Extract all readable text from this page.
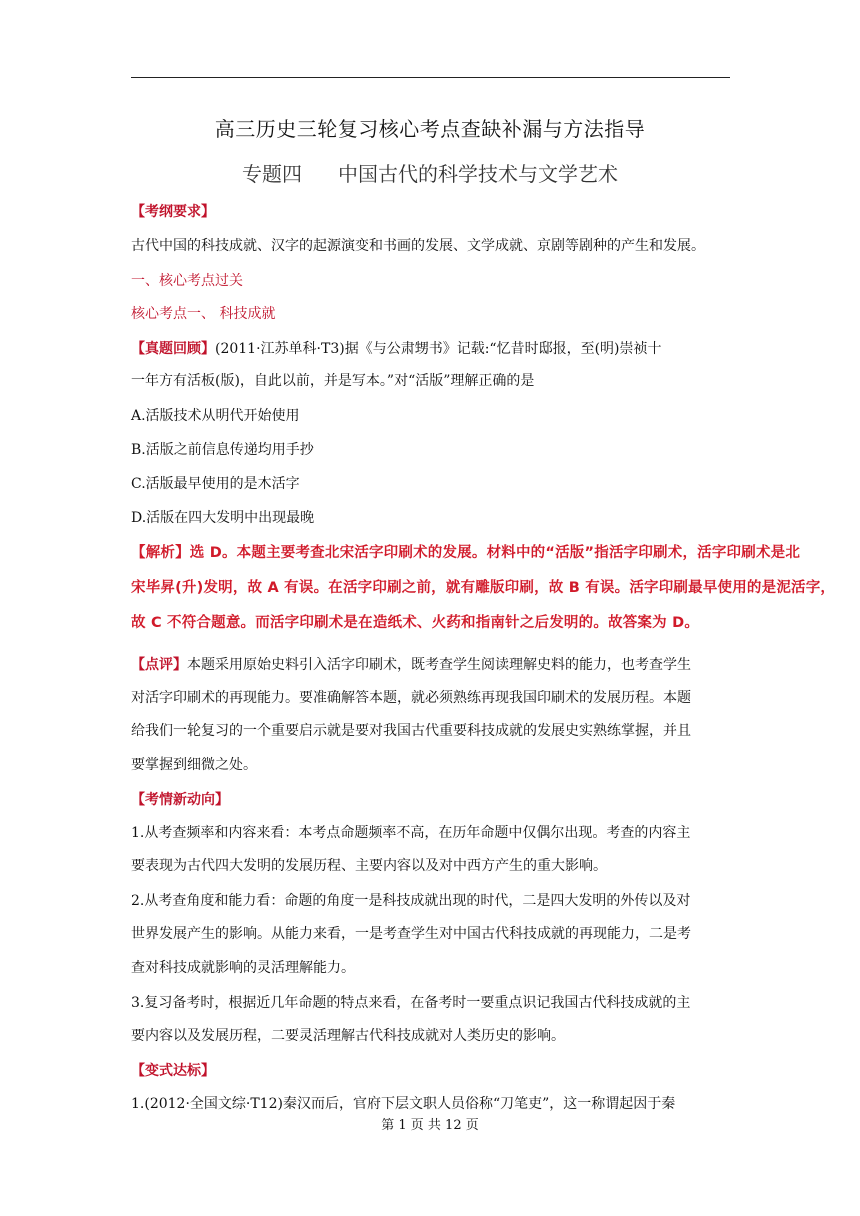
高三历史三轮复习核心考点查缺补漏与方法指导
专题四 中国古代的科学技术与文学艺术
【考纲要求】
古代中国的科技成就、汉字的起源演变和书画的发展、文学成就、京剧等剧种的产生和发展。
一、核心考点过关
核心考点一、 科技成就
【真题回顾】(2011·江苏单科·T3)据《与公肃甥书》记载:“忆昔时邸报，至(明)崇祯十
一年方有活板(版)，自此以前，并是写本。”对“活版”理解正确的是
A.活版技术从明代开始使用
B.活版之前信息传递均用手抄
C.活版最早使用的是木活字
D.活版在四大发明中出现最晚
【解析】选 D。本题主要考查北宋活字印刷术的发展。材料中的“活版”指活字印刷术，活字印刷术是北
宋毕昇(升)发明，故 A 有误。在活字印刷之前，就有雕版印刷，故 B 有误。活字印刷最早使用的是泥活字，
故 C 不符合题意。而活字印刷术是在造纸术、火药和指南针之后发明的。故答案为 D。
【点评】本题采用原始史料引入活字印刷术，既考查学生阅读理解史料的能力，也考查学生
对活字印刷术的再现能力。要准确解答本题，就必须熟练再现我国印刷术的发展历程。本题
给我们一轮复习的一个重要启示就是要对我国古代重要科技成就的发展史实熟练掌握，并且
要掌握到细微之处。
【考情新动向】
1.从考查频率和内容来看：本考点命题频率不高，在历年命题中仅偶尔出现。考查的内容主
要表现为古代四大发明的发展历程、主要内容以及对中西方产生的重大影响。
2.从考查角度和能力看：命题的角度一是科技成就出现的时代，二是四大发明的外传以及对
世界发展产生的影响。从能力来看，一是考查学生对中国古代科技成就的再现能力，二是考
查对科技成就影响的灵活理解能力。
3.复习备考时，根据近几年命题的特点来看，在备考时一要重点识记我国古代科技成就的主
要内容以及发展历程，二要灵活理解古代科技成就对人类历史的影响。
【变式达标】
1.(2012·全国文综·T12)秦汉而后，官府下层文职人员俗称“刀笔吏”，这一称谓起因于秦
第 1 页 共 12 页
